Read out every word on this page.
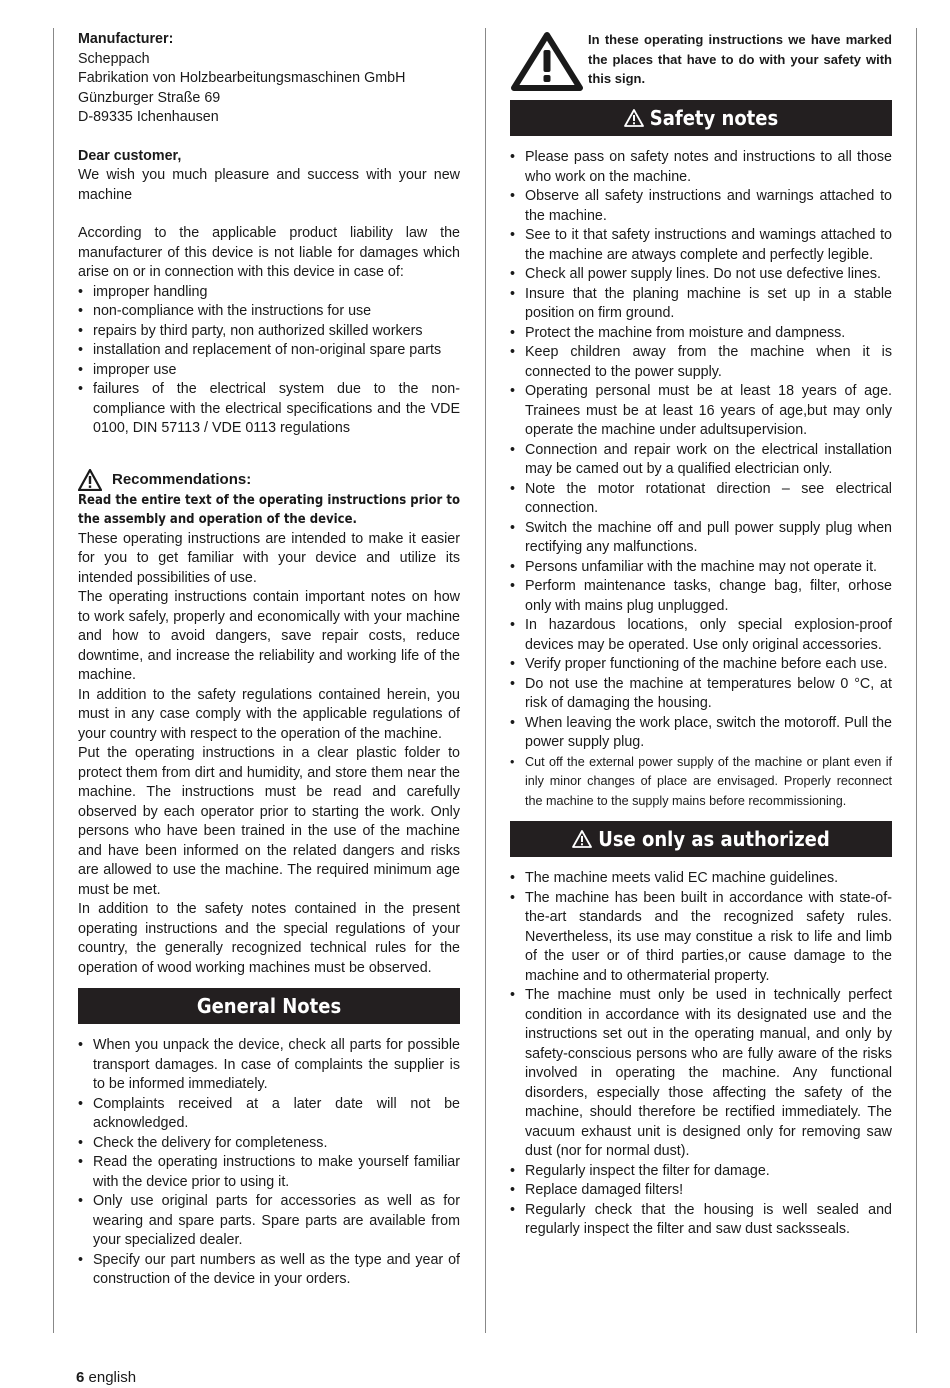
Manufacturer:

Scheppach

Fabrikation von Holzbearbeitungsmaschinen GmbH

Günzburger Straße 69

D-89335 Ichenhausen

Dear customer,

We wish you much pleasure and success with your new machine

According to the applicable product liability law the manufacturer of this device is not liable for damages which arise on or in connection with this device in case of:

• improper handling
• non-compliance with the instructions for use
• repairs by third party, non authorized skilled workers
• installation and replacement of non-original spare parts
• improper use
• failures of the electrical system due to the non-compliance with the electrical specifications and the VDE 0100, DIN 57113 / VDE 0113 regulations
Recommendations:

Read the entire text of the operating instructions prior to the assembly and operation of the device.

These operating instructions are intended to make it easier for you to get familiar with your device and utilize its intended possibilities of use.

The operating instructions contain important notes on how to work safely, properly and economically with your machine and how to avoid dangers, save repair costs, reduce downtime, and increase the reliability and working life of the machine.

In addition to the safety regulations contained herein, you must in any case comply with the applicable regulations of your country with respect to the operation of the machine.

Put the operating instructions in a clear plastic folder to protect them from dirt and humidity, and store them near the machine. The instructions must be read and carefully observed by each operator prior to starting the work. Only persons who have been trained in the use of the machine and have been informed on the related dangers and risks are allowed to use the machine. The required minimum age must be met.

In addition to the safety notes contained in the present operating instructions and the special regulations of your country, the generally recognized technical rules for the operation of wood working machines must be observed.

General Notes
• When you unpack the device, check all parts for possible transport damages. In case of complaints the supplier is to be informed immediately.
• Complaints received at a later date will not be acknowledged.
• Check the delivery for completeness.
• Read the operating instructions to make yourself familiar with the device prior to using it.
• Only use original parts for accessories as well as for wearing and spare parts. Spare parts are available from your specialized dealer.
• Specify our part numbers as well as the type and year of construction of the device in your orders.

In these operating instructions we have marked the places that have to do with your safety with this sign.

Safety notes
• Please pass on safety notes and instructions to all those who work on the machine.
• Observe all safety instructions and warnings attached to the machine.
• See to it that safety instructions and wamings attached to the machine are atways complete and perfectly legible.
• Check all power supply lines. Do not use defective lines.
• Insure that the planing machine is set up in a stable position on firm ground.
• Protect the machine from moisture and dampness.
• Keep children away from the machine when it is connected to the power supply.
• Operating personal must be at least 18 years of age. Trainees must be at least 16 years of age,but may only operate the machine under adultsupervision.
• Connection and repair work on the electrical installation may be camed out by a qualified electrician only.
• Note the motor rotationat direction – see electrical connection.
• Switch the machine off and pull power supply plug when rectifying any malfunctions.
• Persons unfamiliar with the machine may not operate it.
• Perform maintenance tasks, change bag, filter, orhose only with mains plug unplugged.
• In hazardous locations, only special explosion-proof devices may be operated. Use only original accessories.
• Verify proper functioning of the machine before each use.
• Do not use the machine at temperatures below 0 °C, at risk of damaging the housing.
• When leaving the work place, switch the motoroff. Pull the power supply plug.
• Cut off the external power supply of the machine or plant even if inly minor changes of place are envisaged. Properly reconnect the machine to the supply mains before recommissioning.
Use only as authorized
• The machine meets valid EC machine guidelines.
• The machine has been built in accordance with state-of-the-art standards and the recognized safety rules. Nevertheless, its use may constitue a risk to life and limb of the user or of third parties,or cause damage to the machine and to othermaterial property.
• The machine must only be used in technically perfect condition in accordance with its designated use and the instructions set out in the operating manual, and only by safety-conscious persons who are fully aware of the risks involved in operating the machine. Any functional disorders, especially those affecting the safety of the machine, should therefore be rectified immediately. The vacuum exhaust unit is designed only for removing saw dust (nor for normal dust).
• Regularly inspect the filter for damage.
• Replace damaged filters!
• Regularly check that the housing is well sealed and regularly inspect the filter and saw dust sacksseals.
6 english
